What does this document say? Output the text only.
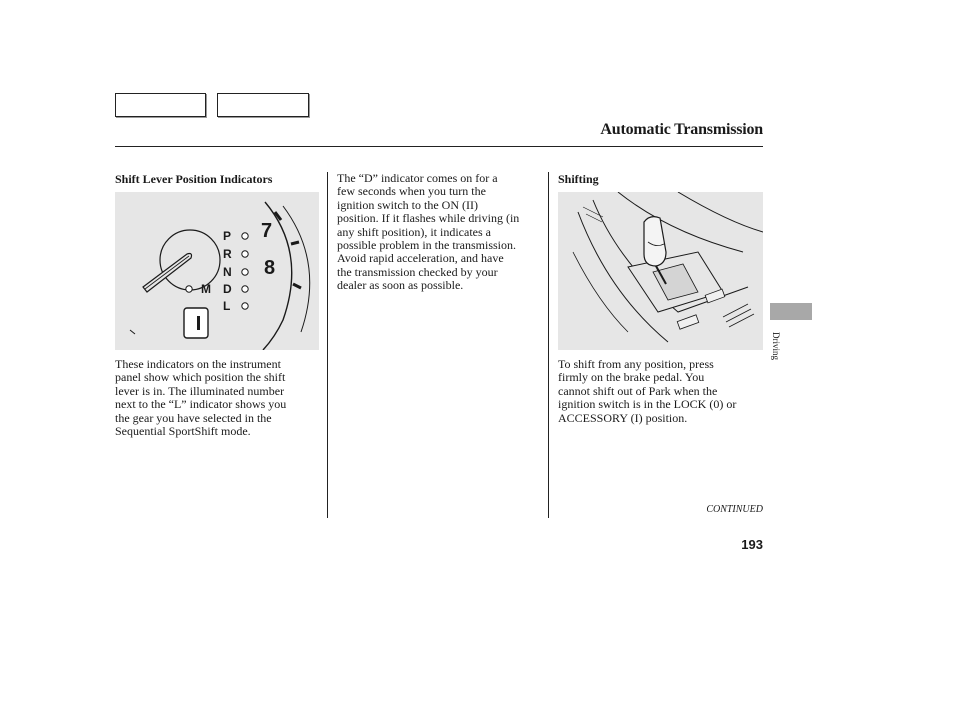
Automatic Transmission
Shift Lever Position Indicators
7
8
P
R
N
D
L
M

These indicators on the instrument
panel show which position the shift
lever is in. The illuminated number
next to the “L” indicator shows you
the gear you have selected in the
Sequential SportShift mode.

The “D” indicator comes on for a
few seconds when you turn the
ignition switch to the ON (II)
position. If it flashes while driving (in
any shift position), it indicates a
possible problem in the transmission.
Avoid rapid acceleration, and have
the transmission checked by your
dealer as soon as possible.

Shifting

To shift from any position, press
firmly on the brake pedal. You
cannot shift out of Park when the
ignition switch is in the LOCK (0) or
ACCESSORY (I) position.

Driving

CONTINUED

193
